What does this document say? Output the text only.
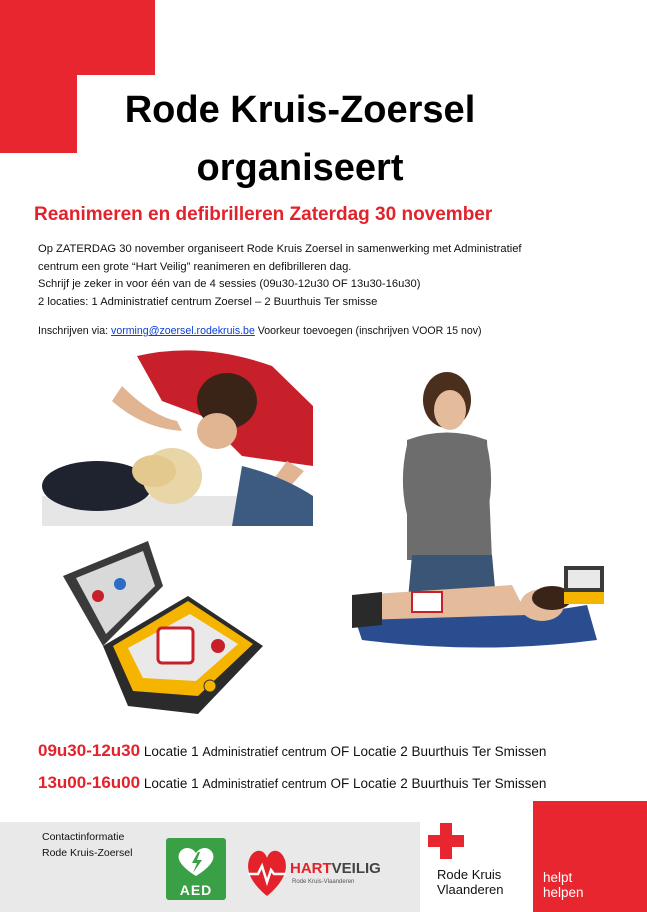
Rode Kruis-Zoersel
organiseert
Reanimeren en defibrilleren Zaterdag 30 november
Op ZATERDAG 30 november organiseert Rode Kruis Zoersel in samenwerking met Administratief
centrum een grote “Hart Veilig” reanimeren en defibrilleren dag.
Schrijf je zeker in voor één van de 4 sessies (09u30-12u30 OF 13u30-16u30)
2 locaties: 1 Administratief centrum Zoersel – 2 Buurthuis Ter smisse
Inschrijven via: vorming@zoersel.rodekruis.be Voorkeur toevoegen (inschrijven VOOR 15 nov)
09u30-12u30 Locatie 1 Administratief centrum OF Locatie 2 Buurthuis Ter Smissen
13u00-16u00 Locatie 1 Administratief centrum OF Locatie 2 Buurthuis Ter Smissen
Contactinformatie
Rode Kruis-Zoersel
AED
HARTVEILIG
Rode Kruis-Vlaanderen	Rode Kruis
Vlaanderen
helpt
helpen
